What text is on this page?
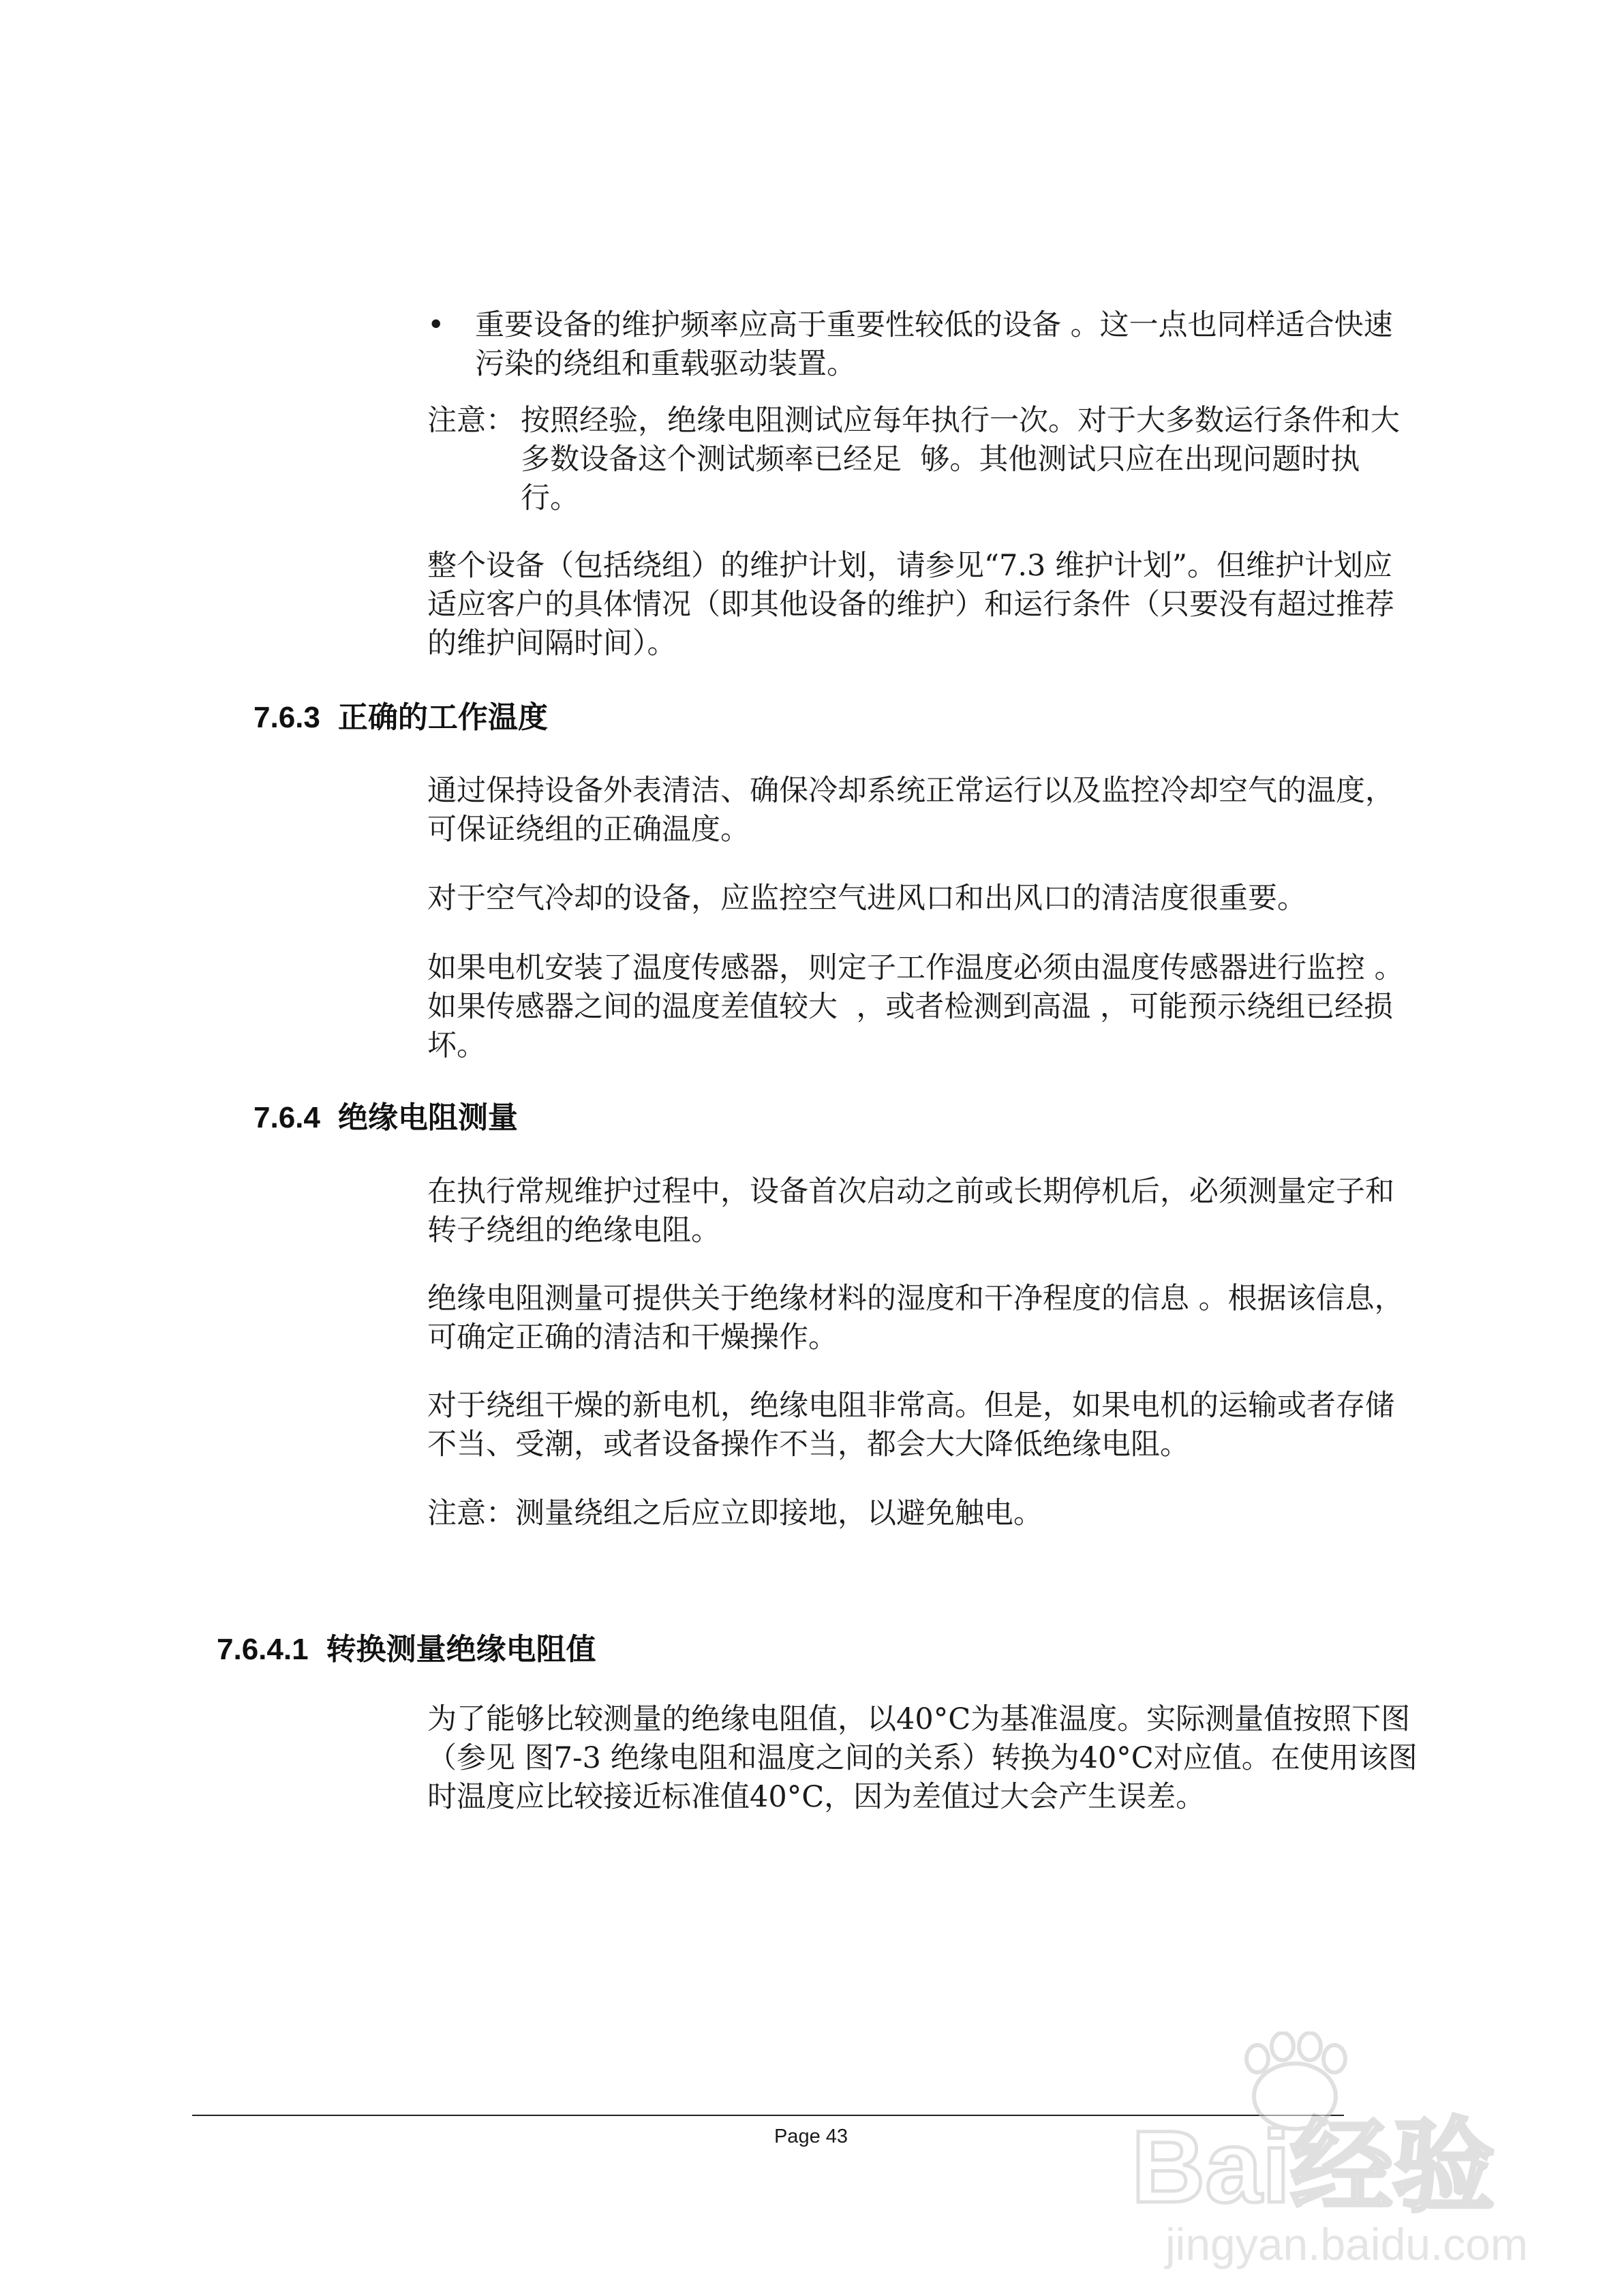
• 重要设备的维护频率应高于重要性较低的设备 。这一点也同样适合快速
污染的绕组和重载驱动装置。

注意： 按照经验，绝缘电阻测试应每年执行一次。对于大多数运行条件和大
多数设备这个测试频率已经足  够。其他测试只应在出现问题时执
行。

整个设备（包括绕组）的维护计划，请参见“7.3 维护计划”。但维护计划应
适应客户的具体情况（即其他设备的维护）和运行条件（只要没有超过推荐
的维护间隔时间）。

7.6.3 正确的工作温度

通过保持设备外表清洁、确保冷却系统正常运行以及监控冷却空气的温度，
可保证绕组的正确温度。

对于空气冷却的设备，应监控空气进风口和出风口的清洁度很重要。

如果电机安装了温度传感器，则定子工作温度必须由温度传感器进行监控 。
如果传感器之间的温度差值较大  ，或者检测到高温 ，可能预示绕组已经损
坏。

7.6.4 绝缘电阻测量

在执行常规维护过程中，设备首次启动之前或长期停机后，必须测量定子和
转子绕组的绝缘电阻。

绝缘电阻测量可提供关于绝缘材料的湿度和干净程度的信息 。根据该信息，
可确定正确的清洁和干燥操作。

对于绕组干燥的新电机，绝缘电阻非常高。但是，如果电机的运输或者存储
不当、受潮，或者设备操作不当，都会大大降低绝缘电阻。

注意：测量绕组之后应立即接地，以避免触电。

7.6.4.1 转换测量绝缘电阻值

为了能够比较测量的绝缘电阻值，以40°C为基准温度。实际测量值按照下图
（参见 图7-3 绝缘电阻和温度之间的关系）转换为40°C对应值。在使用该图
时温度应比较接近标准值40°C，因为差值过大会产生误差。

Page 43	Bai经验
jingyan.baidu.com
